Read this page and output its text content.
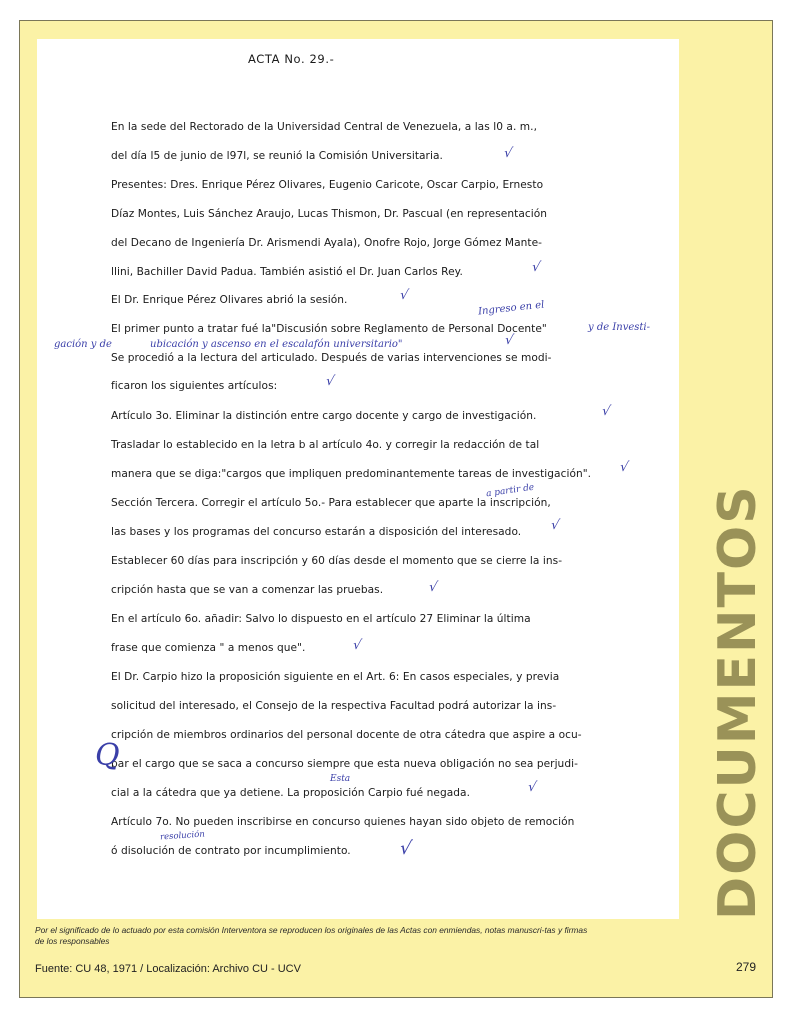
ACTA No. 29.-
En la sede del Rectorado de la Universidad Central de Venezuela, a las l0 a. m.,
del día l5 de junio de l97l, se reunió la Comisión Universitaria.
Presentes: Dres. Enrique Pérez Olivares, Eugenio Caricote, Oscar Carpio, Ernesto
Díaz Montes, Luis Sánchez Araujo, Lucas Thismon, Dr. Pascual (en representación
del Decano de Ingeniería Dr. Arismendi Ayala), Onofre Rojo, Jorge Gómez Mante-
llini, Bachiller David Padua. También asistió el Dr. Juan Carlos Rey.
El Dr. Enrique Pérez Olivares abrió la sesión.
El primer punto a tratar fué la"Discusión sobre Reglamento de Personal Docente"
Se procedió a la lectura del articulado. Después de varias intervenciones se modi-
ficaron los siguientes artículos:
Artículo 3o. Eliminar la distinción entre cargo docente y cargo de investigación.
Trasladar lo establecido en la letra b al artículo 4o. y corregir la redacción de tal
manera que se diga:"cargos que impliquen predominantemente tareas de investigación".
Sección Tercera. Corregir el artículo 5o.- Para establecer que aparte la inscripción,
las bases y los programas del concurso estarán a disposición del interesado.
Establecer 60 días para inscripción y 60 días desde el momento que se cierre la ins-
cripción hasta que se van a comenzar las pruebas.
En el artículo 6o. añadir: Salvo lo dispuesto en el artículo 27 Eliminar la última
frase que comienza " a menos que".
El Dr. Carpio hizo la proposición siguiente en el Art. 6: En casos especiales, y previa
solicitud del interesado, el Consejo de la respectiva Facultad podrá autorizar la ins-
cripción de miembros ordinarios del personal docente de otra cátedra que aspire a ocu-
par el cargo que se saca a concurso siempre que esta nueva obligación no sea perjudi-
cial a la cátedra que ya detiene. La proposición Carpio fué negada.
Artículo 7o. No pueden inscribirse en concurso quienes hayan sido objeto de remoción
ó disolución de contrato por incumplimiento.
Ingreso en el
y de Investi-
gación y de	ubicación y ascenso en el escalafón universitario"
a partir de
Esta
resolución
√
√
√
√
√
√
√
√
√
√
√
√
Q	DOCUMENTOS
Por el significado de lo actuado por esta comisión Interventora se reproducen los originales de las Actas con enmiendas, notas manuscri-tas y firmas de los responsables
Fuente: CU 48, 1971 / Localización: Archivo CU - UCV	279
